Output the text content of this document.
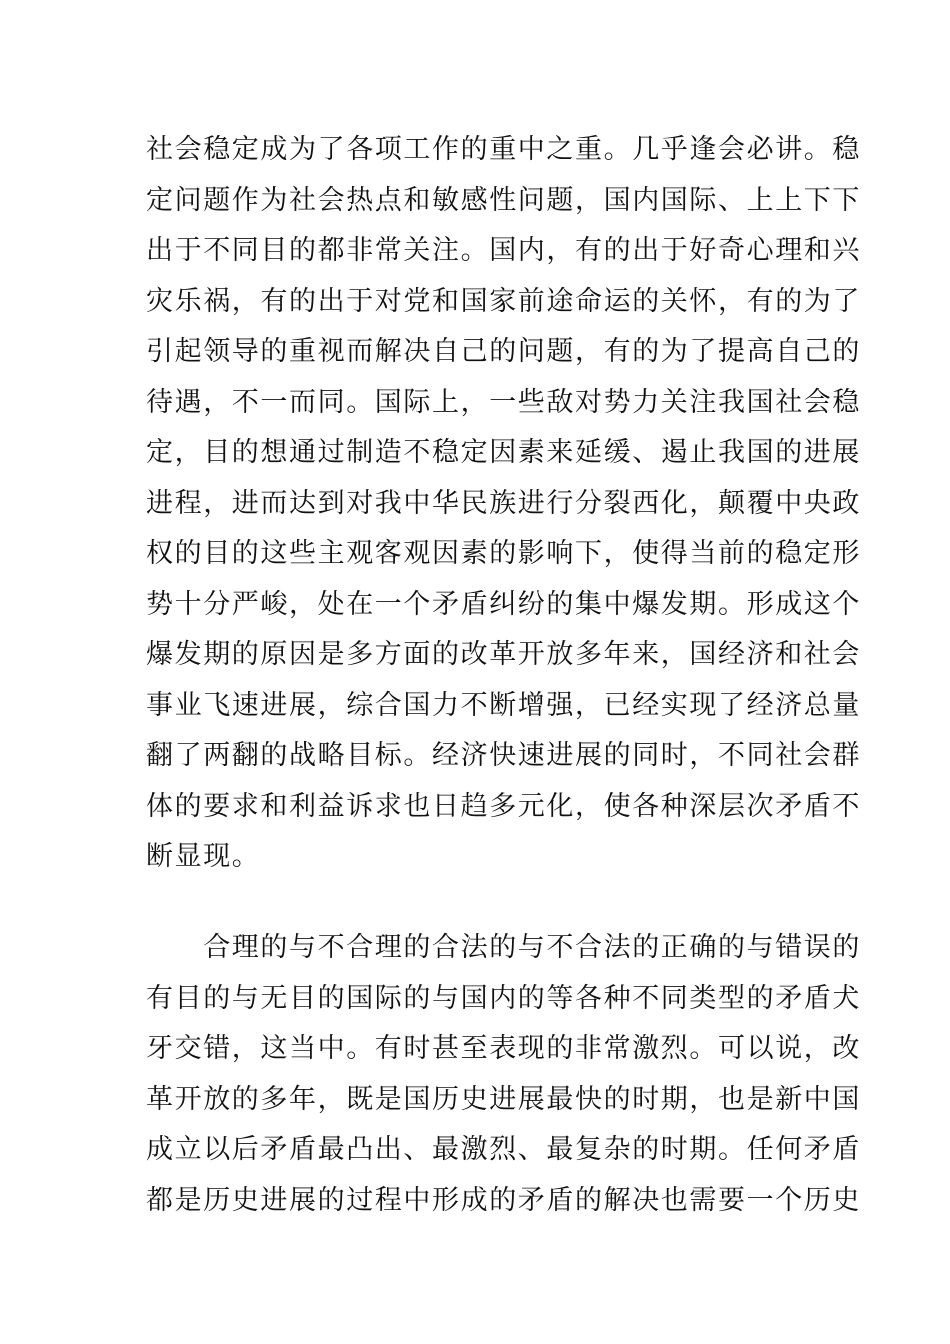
社会稳定成为了各项工作的重中之重。几乎逢会必讲。稳
定问题作为社会热点和敏感性问题，国内国际、上上下下
出于不同目的都非常关注。国内，有的出于好奇心理和兴
灾乐祸，有的出于对党和国家前途命运的关怀，有的为了
引起领导的重视而解决自己的问题，有的为了提高自己的
待遇，不一而同。国际上，一些敌对势力关注我国社会稳
定，目的想通过制造不稳定因素来延缓、遏止我国的进展
进程，进而达到对我中华民族进行分裂西化，颠覆中央政
权的目的这些主观客观因素的影响下，使得当前的稳定形
势十分严峻，处在一个矛盾纠纷的集中爆发期。形成这个
爆发期的原因是多方面的改革开放多年来，国经济和社会
事业飞速进展，综合国力不断增强，已经实现了经济总量
翻了两翻的战略目标。经济快速进展的同时，不同社会群
体的要求和利益诉求也日趋多元化，使各种深层次矛盾不
断显现。
　　合理的与不合理的合法的与不合法的正确的与错误的
有目的与无目的国际的与国内的等各种不同类型的矛盾犬
牙交错，这当中。有时甚至表现的非常激烈。可以说，改
革开放的多年，既是国历史进展最快的时期，也是新中国
成立以后矛盾最凸出、最激烈、最复杂的时期。任何矛盾
都是历史进展的过程中形成的矛盾的解决也需要一个历史
